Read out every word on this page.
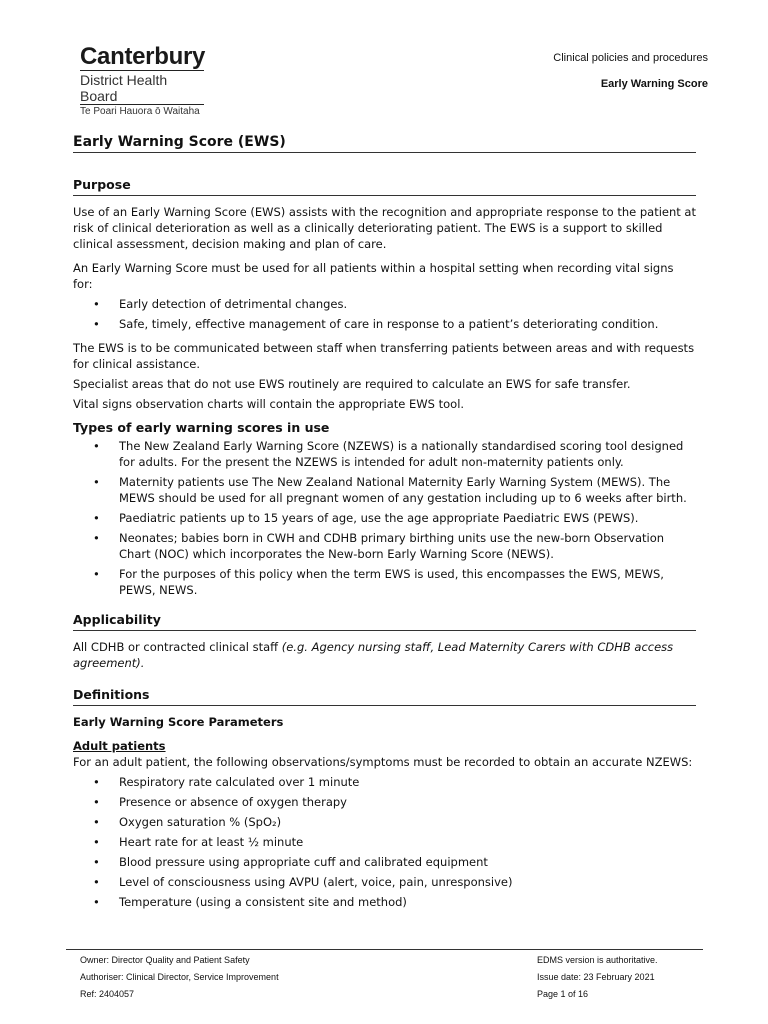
Canterbury
District Health Board
Te Poari Hauora ō Waitaha
Clinical policies and procedures
Early Warning Score
Early Warning Score (EWS)
Purpose

Use of an Early Warning Score (EWS) assists with the recognition and appropriate response to the patient at risk of clinical deterioration as well as a clinically deteriorating patient. The EWS is a support to skilled clinical assessment, decision making and plan of care.

An Early Warning Score must be used for all patients within a hospital setting when recording vital signs for:

• Early detection of detrimental changes.
• Safe, timely, effective management of care in response to a patient’s deteriorating condition.

The EWS is to be communicated between staff when transferring patients between areas and with requests for clinical assistance.

Specialist areas that do not use EWS routinely are required to calculate an EWS for safe transfer.

Vital signs observation charts will contain the appropriate EWS tool.

Types of early warning scores in use
• The New Zealand Early Warning Score (NZEWS) is a nationally standardised scoring tool designed for adults. For the present the NZEWS is intended for adult non-maternity patients only.
• Maternity patients use The New Zealand National Maternity Early Warning System (MEWS). The MEWS should be used for all pregnant women of any gestation including up to 6 weeks after birth.
• Paediatric patients up to 15 years of age, use the age appropriate Paediatric EWS (PEWS).
• Neonates; babies born in CWH and CDHB primary birthing units use the new-born Observation Chart (NOC) which incorporates the New-born Early Warning Score (NEWS).
• For the purposes of this policy when the term EWS is used, this encompasses the EWS, MEWS, PEWS, NEWS.
Applicability

All CDHB or contracted clinical staff (e.g. Agency nursing staff, Lead Maternity Carers with CDHB access agreement).

Definitions

Early Warning Score Parameters

Adult patients

For an adult patient, the following observations/symptoms must be recorded to obtain an accurate NZEWS:

• Respiratory rate calculated over 1 minute
• Presence or absence of oxygen therapy
• Oxygen saturation % (SpO₂)
• Heart rate for at least ½ minute
• Blood pressure using appropriate cuff and calibrated equipment
• Level of consciousness using AVPU (alert, voice, pain, unresponsive)
• Temperature (using a consistent site and method)
Owner: Director Quality and Patient Safety
Authoriser: Clinical Director, Service Improvement
Ref: 2404057
EDMS version is authoritative.
Issue date: 23 February 2021
Page 1 of 16
